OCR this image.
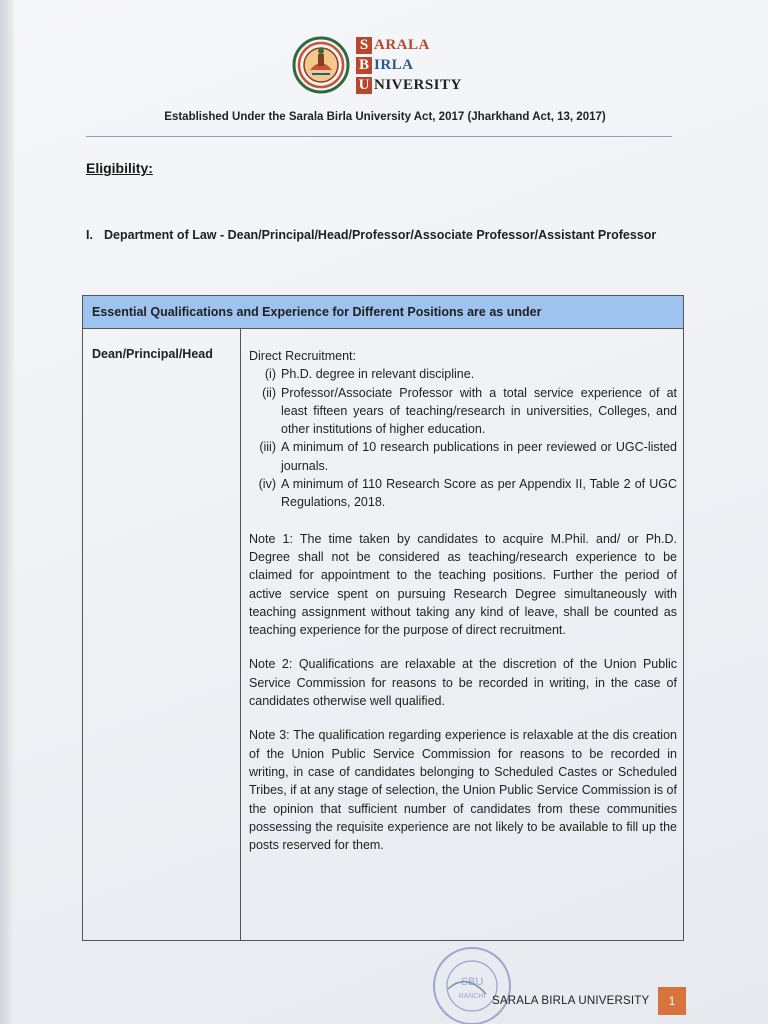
S ARALA
B IRLA
U NIVERSITY
Established Under the Sarala Birla University Act, 2017 (Jharkhand Act, 13, 2017)
Eligibility:
I. Department of Law - Dean/Principal/Head/Professor/Associate Professor/Assistant Professor
Essential Qualifications and Experience for Different Positions are as under
Dean/Principal/Head	Direct Recruitment:

(i) Ph.D. degree in relevant discipline.
(ii) Professor/Associate Professor with a total service experience of at least fifteen years of teaching/research in universities, Colleges, and other institutions of higher education.
(iii) A minimum of 10 research publications in peer reviewed or UGC-listed journals.
(iv) A minimum of 110 Research Score as per Appendix II, Table 2 of UGC Regulations, 2018.

Note 1: The time taken by candidates to acquire M.Phil. and/ or Ph.D. Degree shall not be considered as teaching/research experience to be claimed for appointment to the teaching positions. Further the period of active service spent on pursuing Research Degree simultaneously with teaching assignment without taking any kind of leave, shall be counted as teaching experience for the purpose of direct recruitment.

Note 2: Qualifications are relaxable at the discretion of the Union Public Service Commission for reasons to be recorded in writing, in the case of candidates otherwise well qualified.

Note 3: The qualification regarding experience is relaxable at the dis creation of the Union Public Service Commission for reasons to be recorded in writing, in case of candidates belonging to Scheduled Castes or Scheduled Tribes, if at any stage of selection, the Union Public Service Commission is of the opinion that sufficient number of candidates from these communities possessing the requisite experience are not likely to be available to fill up the posts reserved for them.

SBU
RANCHI SARALA BIRLA UNIVERSITY	1
